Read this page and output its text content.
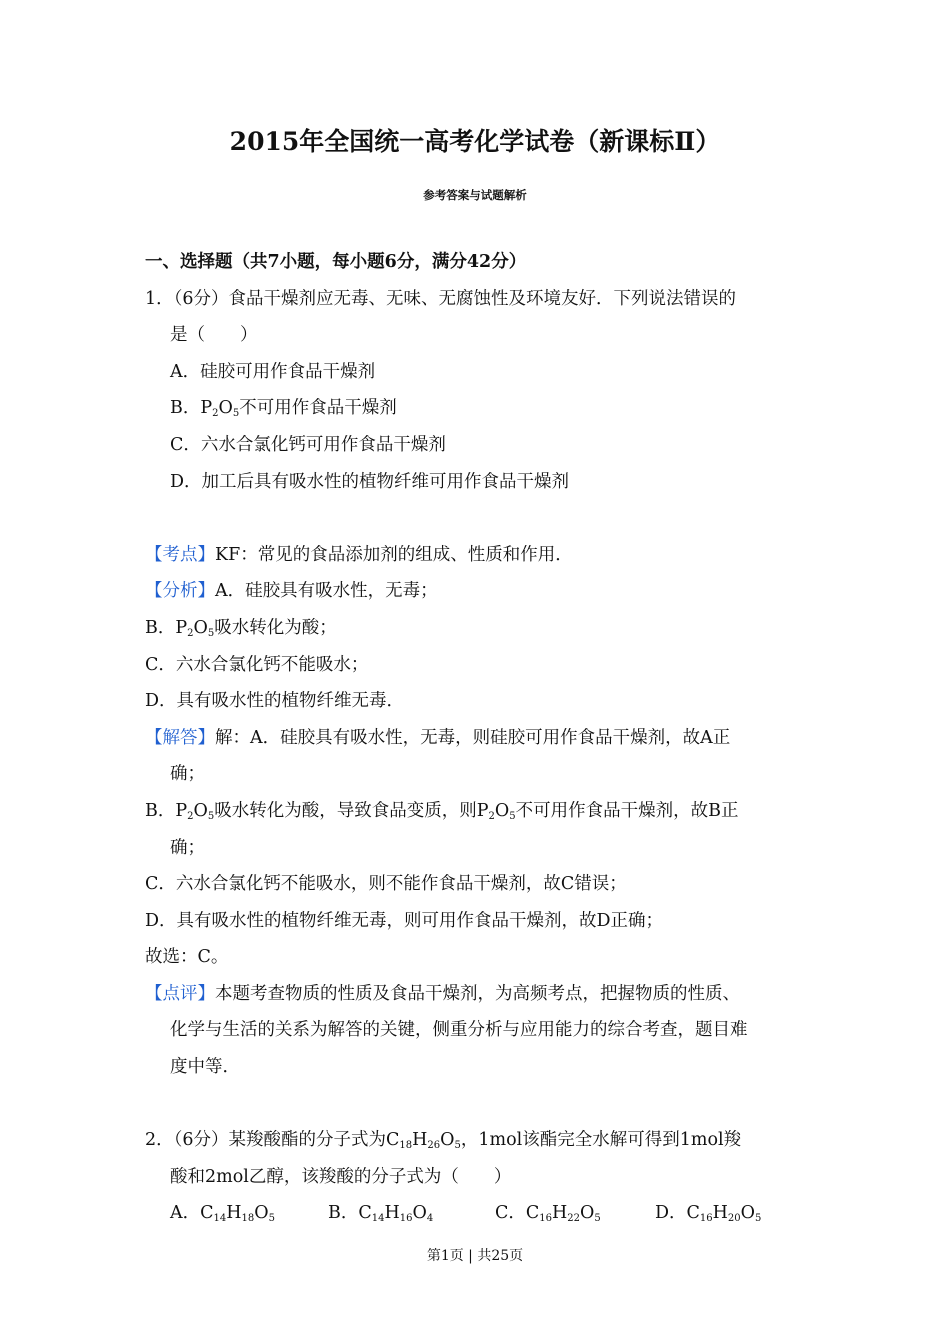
2015年全国统一高考化学试卷（新课标Ⅱ）
参考答案与试题解析
一、选择题（共7小题，每小题6分，满分42分）
1．（6分）食品干燥剂应无毒、无味、无腐蚀性及环境友好．下列说法错误的
是（　　）
A．硅胶可用作食品干燥剂
B．$P_2O_5$不可用作食品干燥剂
C．六水合氯化钙可用作食品干燥剂
D．加工后具有吸水性的植物纤维可用作食品干燥剂
【考点】KF：常见的食品添加剂的组成、性质和作用．
【分析】A．硅胶具有吸水性，无毒；
B．$P_2O_5$吸水转化为酸；
C．六水合氯化钙不能吸水；
D．具有吸水性的植物纤维无毒．
【解答】解：A．硅胶具有吸水性，无毒，则硅胶可用作食品干燥剂，故A正
确；
B．$P_2O_5$吸水转化为酸，导致食品变质，则$P_2O_5$不可用作食品干燥剂，故B正
确；
C．六水合氯化钙不能吸水，则不能作食品干燥剂，故C错误；
D．具有吸水性的植物纤维无毒，则可用作食品干燥剂，故D正确；
故选：C。
【点评】本题考查物质的性质及食品干燥剂，为高频考点，把握物质的性质、
化学与生活的关系为解答的关键，侧重分析与应用能力的综合考查，题目难
度中等．
2．（6分）某羧酸酯的分子式为$C_{18}H_{26}O_5$，1mol该酯完全水解可得到1mol羧
酸和2mol乙醇，该羧酸的分子式为（　　）
A．$C_{14}H_{18}O_5$	B．$C_{14}H_{16}O_4$	C．$C_{16}H_{22}O_5$	D．$C_{16}H_{20}O_5$
第1页 | 共25页
